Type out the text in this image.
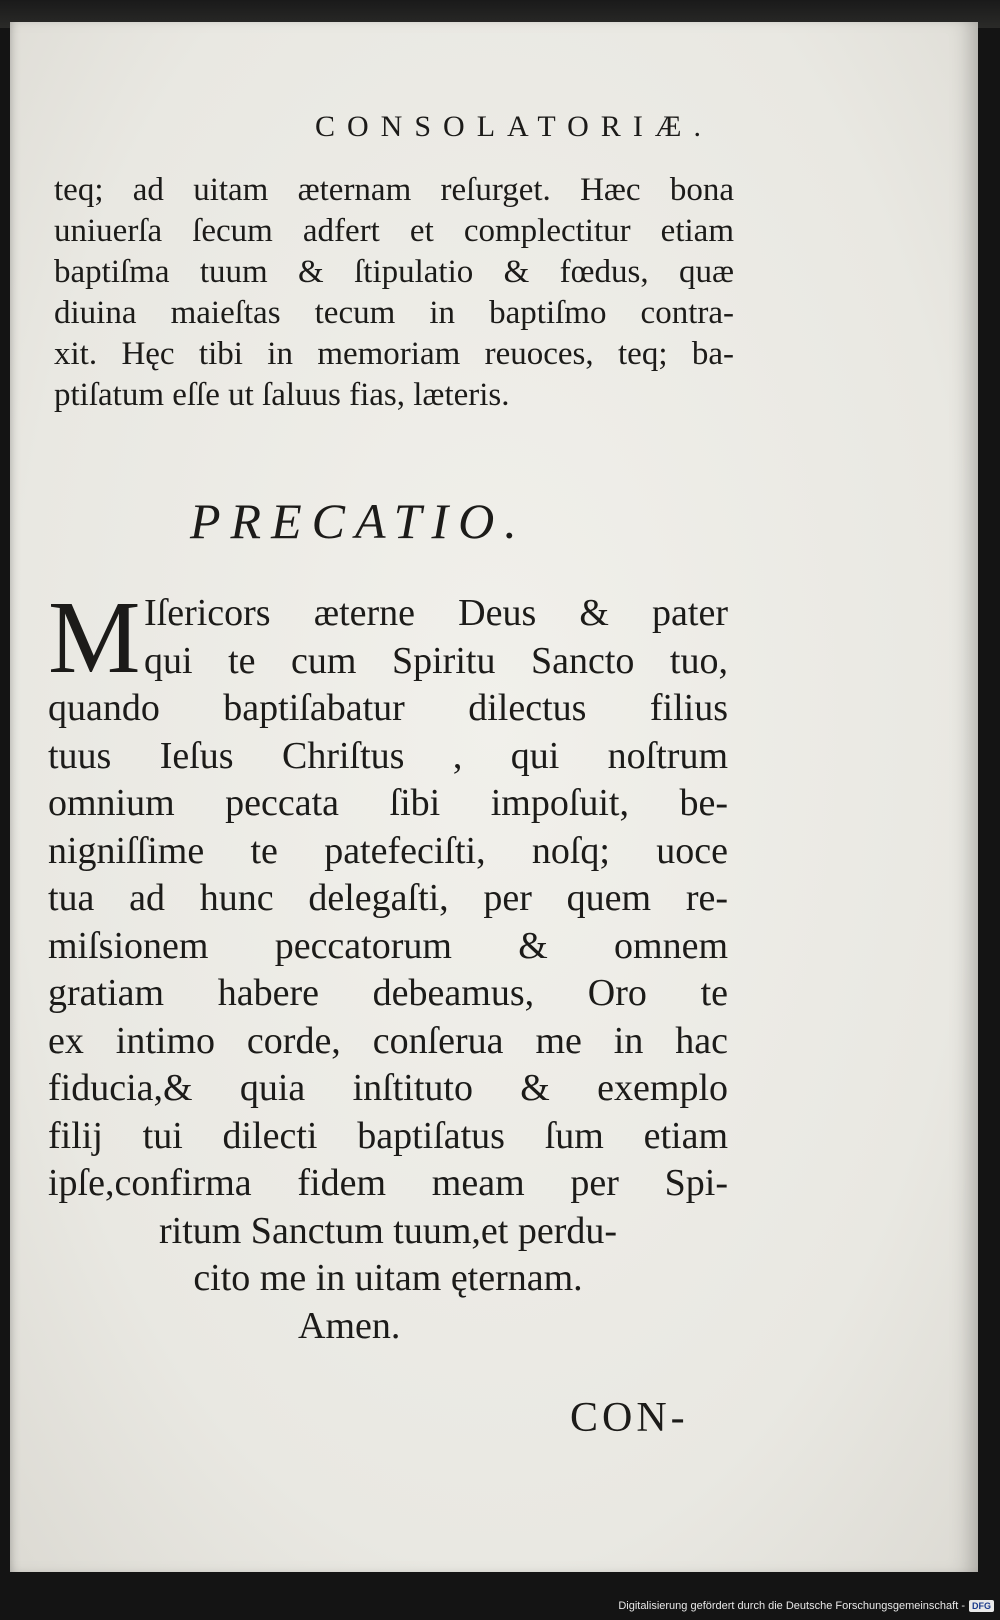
CONSOLATORIÆ.
teq; ad uitam æternam reſurget. Hæc bona
uniuerſa ſecum adfert et complectitur etiam
baptiſma tuum & ſtipulatio & fœdus, quæ
diuina maieſtas tecum in baptiſmo contra-
xit. Hęc tibi in memoriam reuoces, teq; ba-
ptiſatum eſſe ut ſaluus fias, læteris.
PRECATIO.
M Iſericors æterne Deus & pater
qui te cum Spiritu Sancto tuo,
quando baptiſabatur dilectus filius
tuus Ieſus Chriſtus , qui noſtrum
omnium peccata ſibi impoſuit, be-
nigniſſime te patefeciſti, noſq; uoce
tua ad hunc delegaſti, per quem re-
miſsionem peccatorum & omnem
gratiam habere debeamus, Oro te
ex intimo corde, conſerua me in hac
fiducia,& quia inſtituto & exemplo
filij tui dilecti baptiſatus ſum etiam
ipſe,confirma fidem meam per Spi-
ritum Sanctum tuum,et perdu-
cito me in uitam ęternam.
Amen.
CON-
Digitalisierung gefördert durch die Deutsche Forschungsgemeinschaft - DFG
